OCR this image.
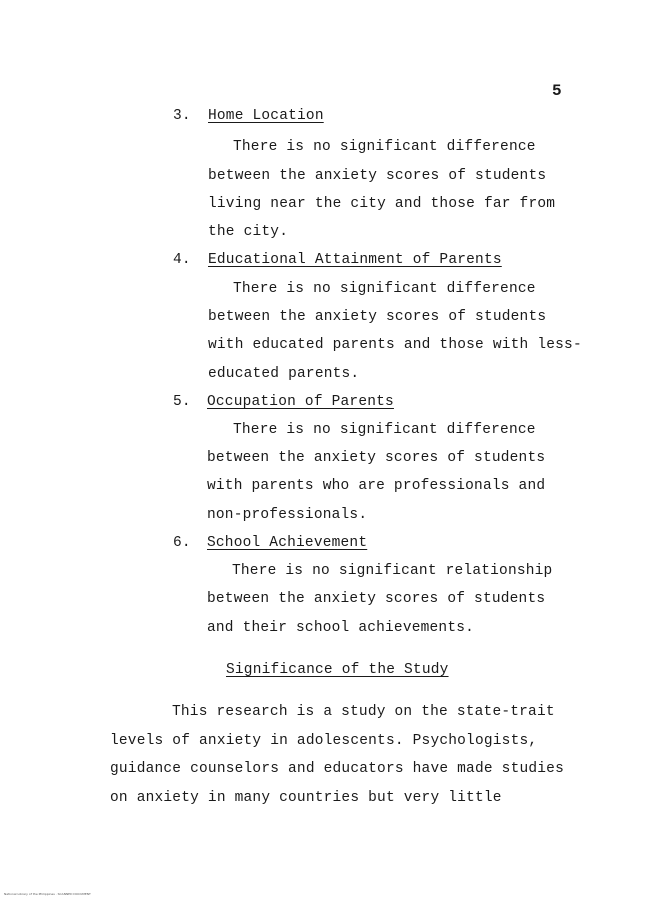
5
3. Home Location
There is no significant difference
between the anxiety scores of students
living near the city and those far from
the city.
4. Educational Attainment of Parents
There is no significant difference
between the anxiety scores of students
with educated parents and those with less-
educated parents.
5. Occupation of Parents
There is no significant difference
between the anxiety scores of students
with parents who are professionals and
non-professionals.
6. School Achievement
There is no significant relationship
between the anxiety scores of students
and their school achievements.
Significance of the Study
This research is a study on the state-trait
levels of anxiety in adolescents. Psychologists,
guidance counselors and educators have made studies
on anxiety in many countries but very little
National Library of the Philippines · SCANNED DOCUMENT
